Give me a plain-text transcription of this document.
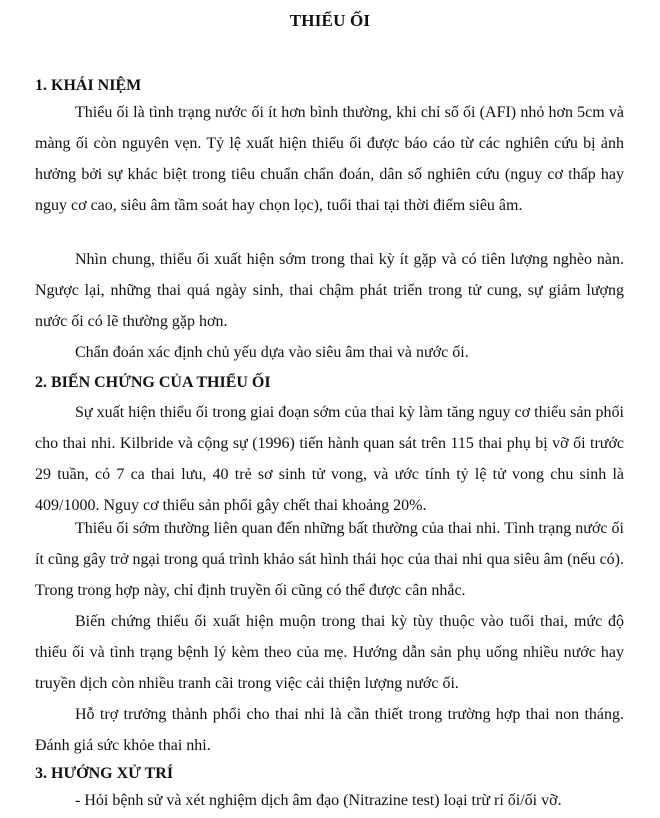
THIỂU ỐI
1. KHÁI NIỆM
Thiểu ối là tình trạng nước ối ít hơn bình thường, khi chỉ số ối (AFI) nhỏ hơn 5cm và màng ối còn nguyên vẹn. Tỷ lệ xuất hiện thiểu ối được báo cáo từ các nghiên cứu bị ảnh hưởng bởi sự khác biệt trong tiêu chuẩn chẩn đoán, dân số nghiên cứu (nguy cơ thấp hay nguy cơ cao, siêu âm tầm soát hay chọn lọc), tuổi thai tại thời điểm siêu âm.
Nhìn chung, thiểu ối xuất hiện sớm trong thai kỳ ít gặp và có tiên lượng nghèo nàn. Ngược lại, những thai quá ngày sinh, thai chậm phát triển trong tử cung, sự giảm lượng nước ối có lẽ thường gặp hơn.
Chẩn đoán xác định chủ yếu dựa vào siêu âm thai và nước ối.
2. BIẾN CHỨNG CỦA THIỂU ỐI
Sự xuất hiện thiểu ối trong giai đoạn sớm của thai kỳ làm tăng nguy cơ thiểu sản phổi cho thai nhi. Kilbride và cộng sự (1996) tiến hành quan sát trên 115 thai phụ bị vỡ ối trước 29 tuần, có 7 ca thai lưu, 40 trẻ sơ sinh tử vong, và ước tính tỷ lệ tử vong chu sinh là 409/1000. Nguy cơ thiểu sản phổi gây chết thai khoảng 20%.
Thiểu ối sớm thường liên quan đến những bất thường của thai nhi. Tình trạng nước ối ít cũng gây trở ngại trong quá trình khảo sát hình thái học của thai nhi qua siêu âm (nếu có). Trong trong hợp này, chỉ định truyền ối cũng có thể được cân nhắc.
Biến chứng thiểu ối xuất hiện muộn trong thai kỳ tùy thuộc vào tuổi thai, mức độ thiểu ối và tình trạng bệnh lý kèm theo của mẹ. Hướng dẫn sản phụ uống nhiều nước hay truyền dịch còn nhiều tranh cãi trong việc cải thiện lượng nước ối.
Hỗ trợ trưởng thành phổi cho thai nhi là cần thiết trong trường hợp thai non tháng. Đánh giá sức khỏe thai nhi.
3. HƯỚNG XỬ TRÍ
- Hỏi bệnh sử và xét nghiệm dịch âm đạo (Nitrazine test) loại trừ rỉ ối/ối vỡ.
